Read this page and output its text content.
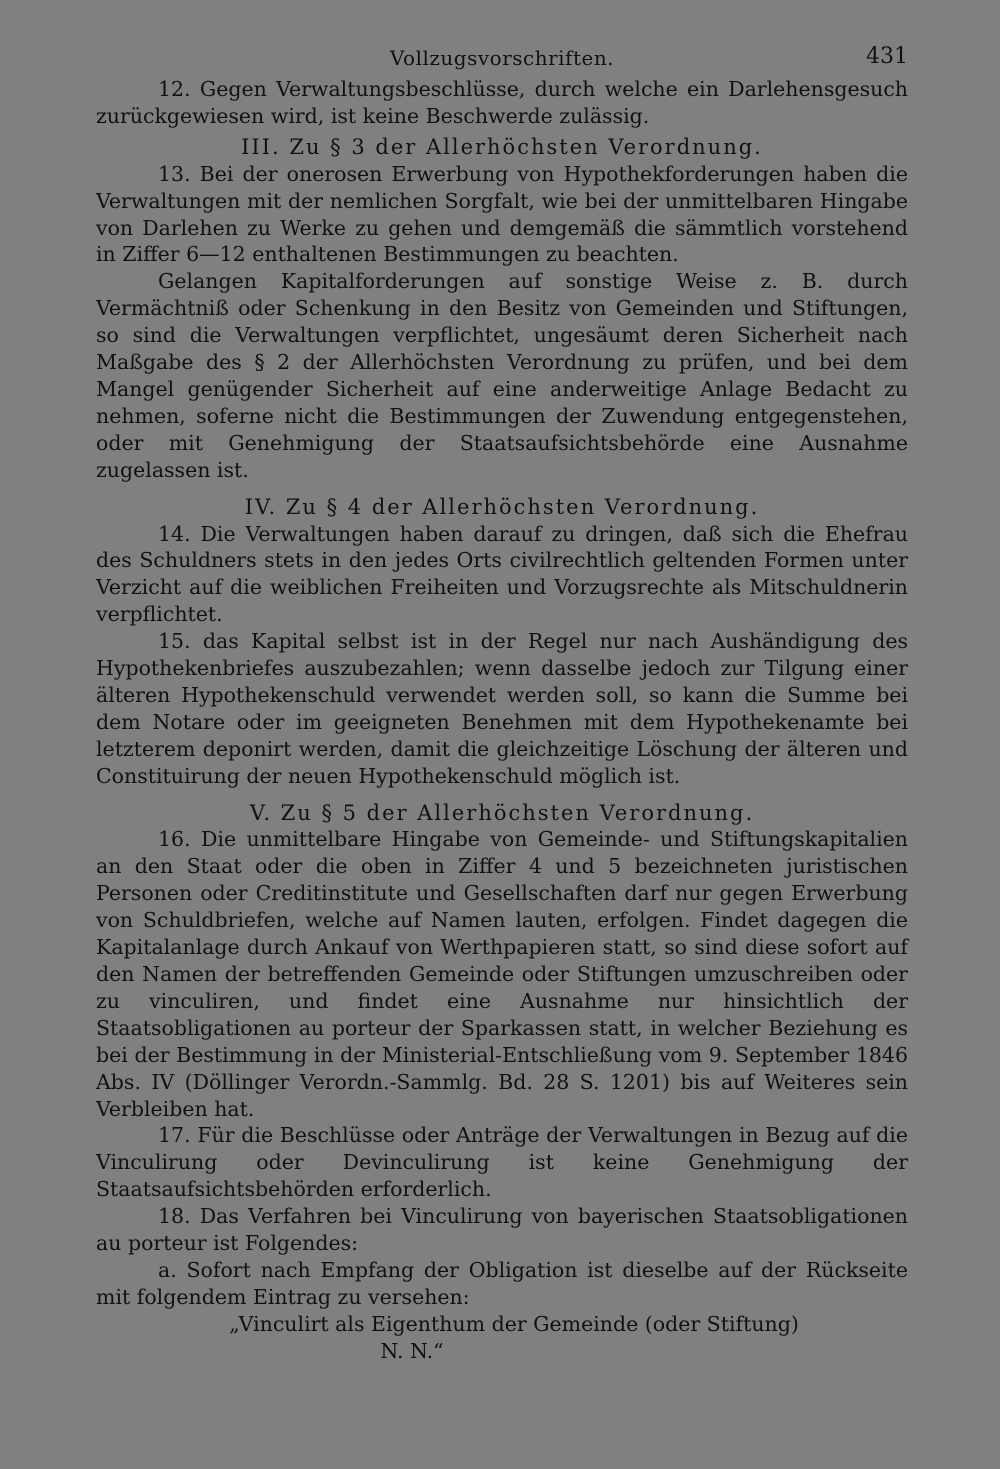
Vollzugsvorschriften.	431

12. Gegen Verwaltungsbeschlüsse, durch welche ein Darlehensgesuch zurückgewiesen wird, ist keine Beschwerde zulässig.

III. Zu § 3 der Allerhöchsten Verordnung.

13. Bei der onerosen Erwerbung von Hypothekforderungen haben die Verwaltungen mit der nemlichen Sorgfalt, wie bei der unmittelbaren Hingabe von Darlehen zu Werke zu gehen und demgemäß die sämmtlich vorstehend in Ziffer 6—12 enthaltenen Bestimmungen zu beachten.

Gelangen Kapitalforderungen auf sonstige Weise z. B. durch Vermächtniß oder Schenkung in den Besitz von Gemeinden und Stiftungen, so sind die Verwaltungen verpflichtet, ungesäumt deren Sicherheit nach Maßgabe des § 2 der Allerhöchsten Verordnung zu prüfen, und bei dem Mangel genügender Sicherheit auf eine anderweitige Anlage Bedacht zu nehmen, soferne nicht die Bestimmungen der Zuwendung entgegenstehen, oder mit Genehmigung der Staatsaufsichtsbehörde eine Ausnahme zugelassen ist.

IV. Zu § 4 der Allerhöchsten Verordnung.

14. Die Verwaltungen haben darauf zu dringen, daß sich die Ehefrau des Schuldners stets in den jedes Orts civilrechtlich geltenden Formen unter Verzicht auf die weiblichen Freiheiten und Vorzugsrechte als Mitschuldnerin verpflichtet.

15. das Kapital selbst ist in der Regel nur nach Aushändigung des Hypothekenbriefes auszubezahlen; wenn dasselbe jedoch zur Tilgung einer älteren Hypothekenschuld verwendet werden soll, so kann die Summe bei dem Notare oder im geeigneten Benehmen mit dem Hypothekenamte bei letzterem deponirt werden, damit die gleichzeitige Löschung der älteren und Constituirung der neuen Hypothekenschuld möglich ist.

V. Zu § 5 der Allerhöchsten Verordnung.

16. Die unmittelbare Hingabe von Gemeinde- und Stiftungskapitalien an den Staat oder die oben in Ziffer 4 und 5 bezeichneten juristischen Personen oder Creditinstitute und Gesellschaften darf nur gegen Erwerbung von Schuldbriefen, welche auf Namen lauten, erfolgen. Findet dagegen die Kapitalanlage durch Ankauf von Werthpapieren statt, so sind diese sofort auf den Namen der betreffenden Gemeinde oder Stiftungen umzuschreiben oder zu vinculiren, und findet eine Ausnahme nur hinsichtlich der Staatsobligationen au porteur der Sparkassen statt, in welcher Beziehung es bei der Bestimmung in der Ministerial-Entschließung vom 9. September 1846 Abs. IV (Döllinger Verordn.-Sammlg. Bd. 28 S. 1201) bis auf Weiteres sein Verbleiben hat.

17. Für die Beschlüsse oder Anträge der Verwaltungen in Bezug auf die Vinculirung oder Devinculirung ist keine Genehmigung der Staatsaufsichtsbehörden erforderlich.

18. Das Verfahren bei Vinculirung von bayerischen Staatsobligationen au porteur ist Folgendes:

a. Sofort nach Empfang der Obligation ist dieselbe auf der Rückseite mit folgendem Eintrag zu versehen:

„Vinculirt als Eigenthum der Gemeinde (oder Stiftung)

N. N.“
